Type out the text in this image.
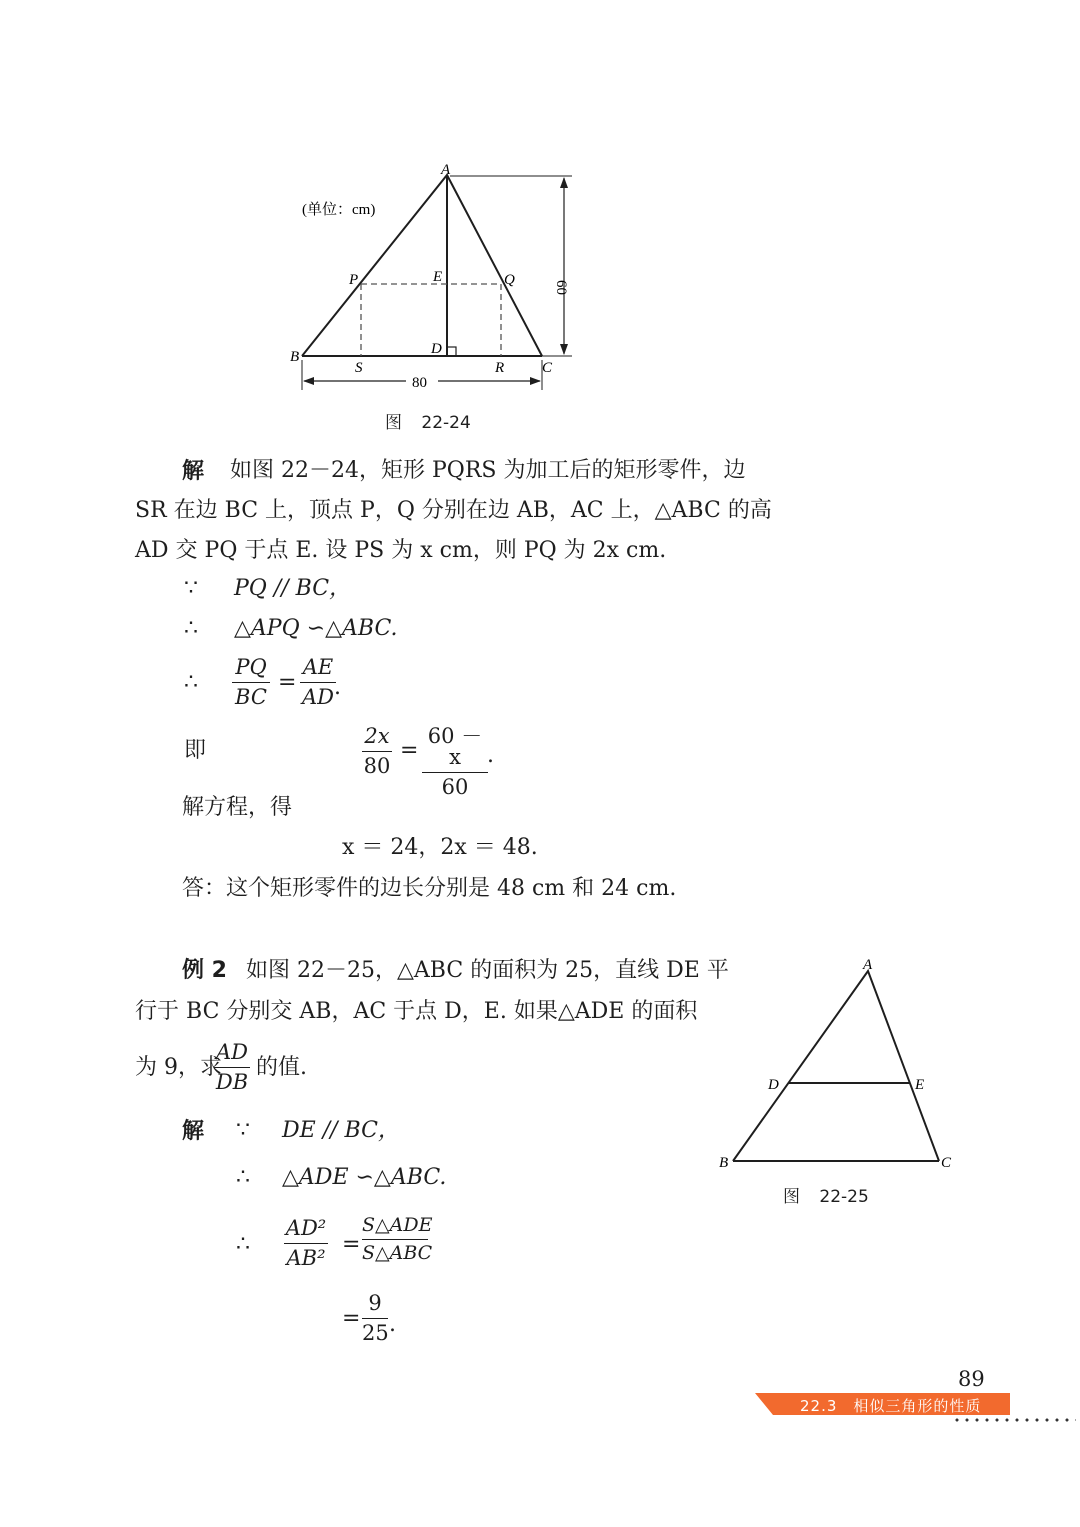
A
B
C
P	Q
E
D
S	R
80
60
(单位：cm)
图 22-24
解 如图 22－24，矩形 PQRS 为加工后的矩形零件，边
SR 在边 BC 上，顶点 P，Q 分别在边 AB，AC 上，△ABC 的高
AD 交 PQ 于点 E. 设 PS 为 x cm，则 PQ 为 2x cm.
∵ PQ // BC，
∴ △APQ ∽△ABC.
∴
PQ
BC
=
AE
AD .
即
2x
80
=
60 － x
60
.
解方程，得
x ＝ 24，2x ＝ 48.
答：这个矩形零件的边长分别是 48 cm 和 24 cm.
例 2 如图 22－25，△ABC 的面积为 25，直线 DE 平
行于 BC 分别交 AB，AC 于点 D，E. 如果△ADE 的面积
为 9，求
AD
DB
的值.
解 ∵ DE // BC，
∴ △ADE ∽△ABC.
∴
AD²
AB²
=
S△ADE
S△ABC
=
9
25 .
A
B	C
D	E
图 22-25
89
22.3　相似三角形的性质
